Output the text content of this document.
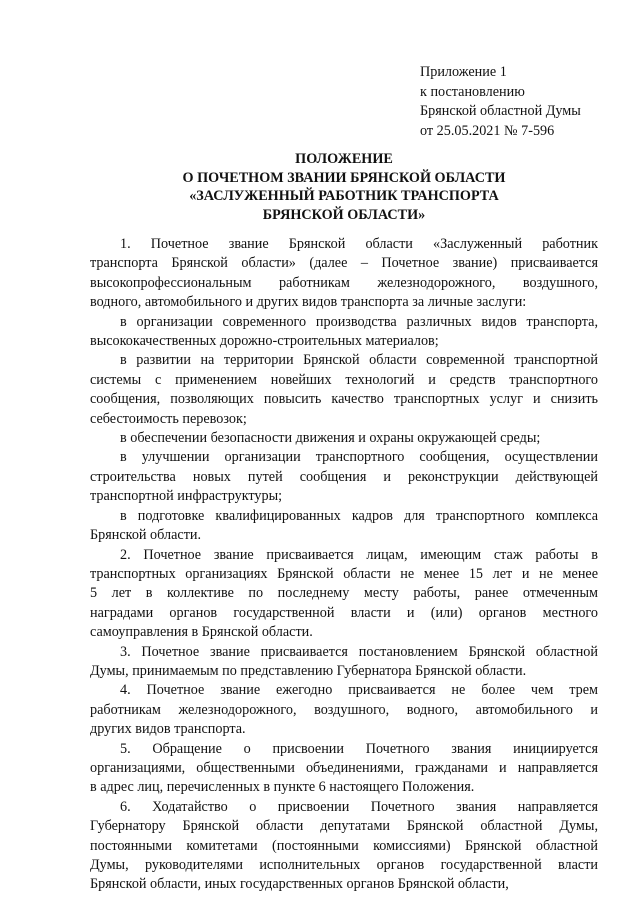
Приложение 1
к постановлению
Брянской областной Думы
от 25.05.2021 № 7-596
ПОЛОЖЕНИЕ
О ПОЧЕТНОМ ЗВАНИИ БРЯНСКОЙ ОБЛАСТИ
«ЗАСЛУЖЕННЫЙ РАБОТНИК ТРАНСПОРТА
БРЯНСКОЙ ОБЛАСТИ»
1. Почетное звание Брянской области «Заслуженный работник
транспорта Брянской области» (далее – Почетное звание) присваивается
высокопрофессиональным работникам железнодорожного, воздушного,
водного, автомобильного и других видов транспорта за личные заслуги:
в организации современного производства различных видов транспорта,
высококачественных дорожно-строительных материалов;
в развитии на территории Брянской области современной транспортной
системы с применением новейших технологий и средств транспортного
сообщения, позволяющих повысить качество транспортных услуг и снизить
себестоимость перевозок;
в обеспечении безопасности движения и охраны окружающей среды;
в улучшении организации транспортного сообщения, осуществлении
строительства новых путей сообщения и реконструкции действующей
транспортной инфраструктуры;
в подготовке квалифицированных кадров для транспортного комплекса
Брянской области.
2. Почетное звание присваивается лицам, имеющим стаж работы в
транспортных организациях Брянской области не менее 15 лет и не менее
5 лет в коллективе по последнему месту работы, ранее отмеченным
наградами органов государственной власти и (или) органов местного
самоуправления в Брянской области.
3. Почетное звание присваивается постановлением Брянской областной
Думы, принимаемым по представлению Губернатора Брянской области.
4. Почетное звание ежегодно присваивается не более чем трем
работникам железнодорожного, воздушного, водного, автомобильного и
других видов транспорта.
5. Обращение о присвоении Почетного звания инициируется
организациями, общественными объединениями, гражданами и направляется
в адрес лиц, перечисленных в пункте 6 настоящего Положения.
6. Ходатайство о присвоении Почетного звания направляется
Губернатору Брянской области депутатами Брянской областной Думы,
постоянными комитетами (постоянными комиссиями) Брянской областной
Думы, руководителями исполнительных органов государственной власти
Брянской области, иных государственных органов Брянской области,
